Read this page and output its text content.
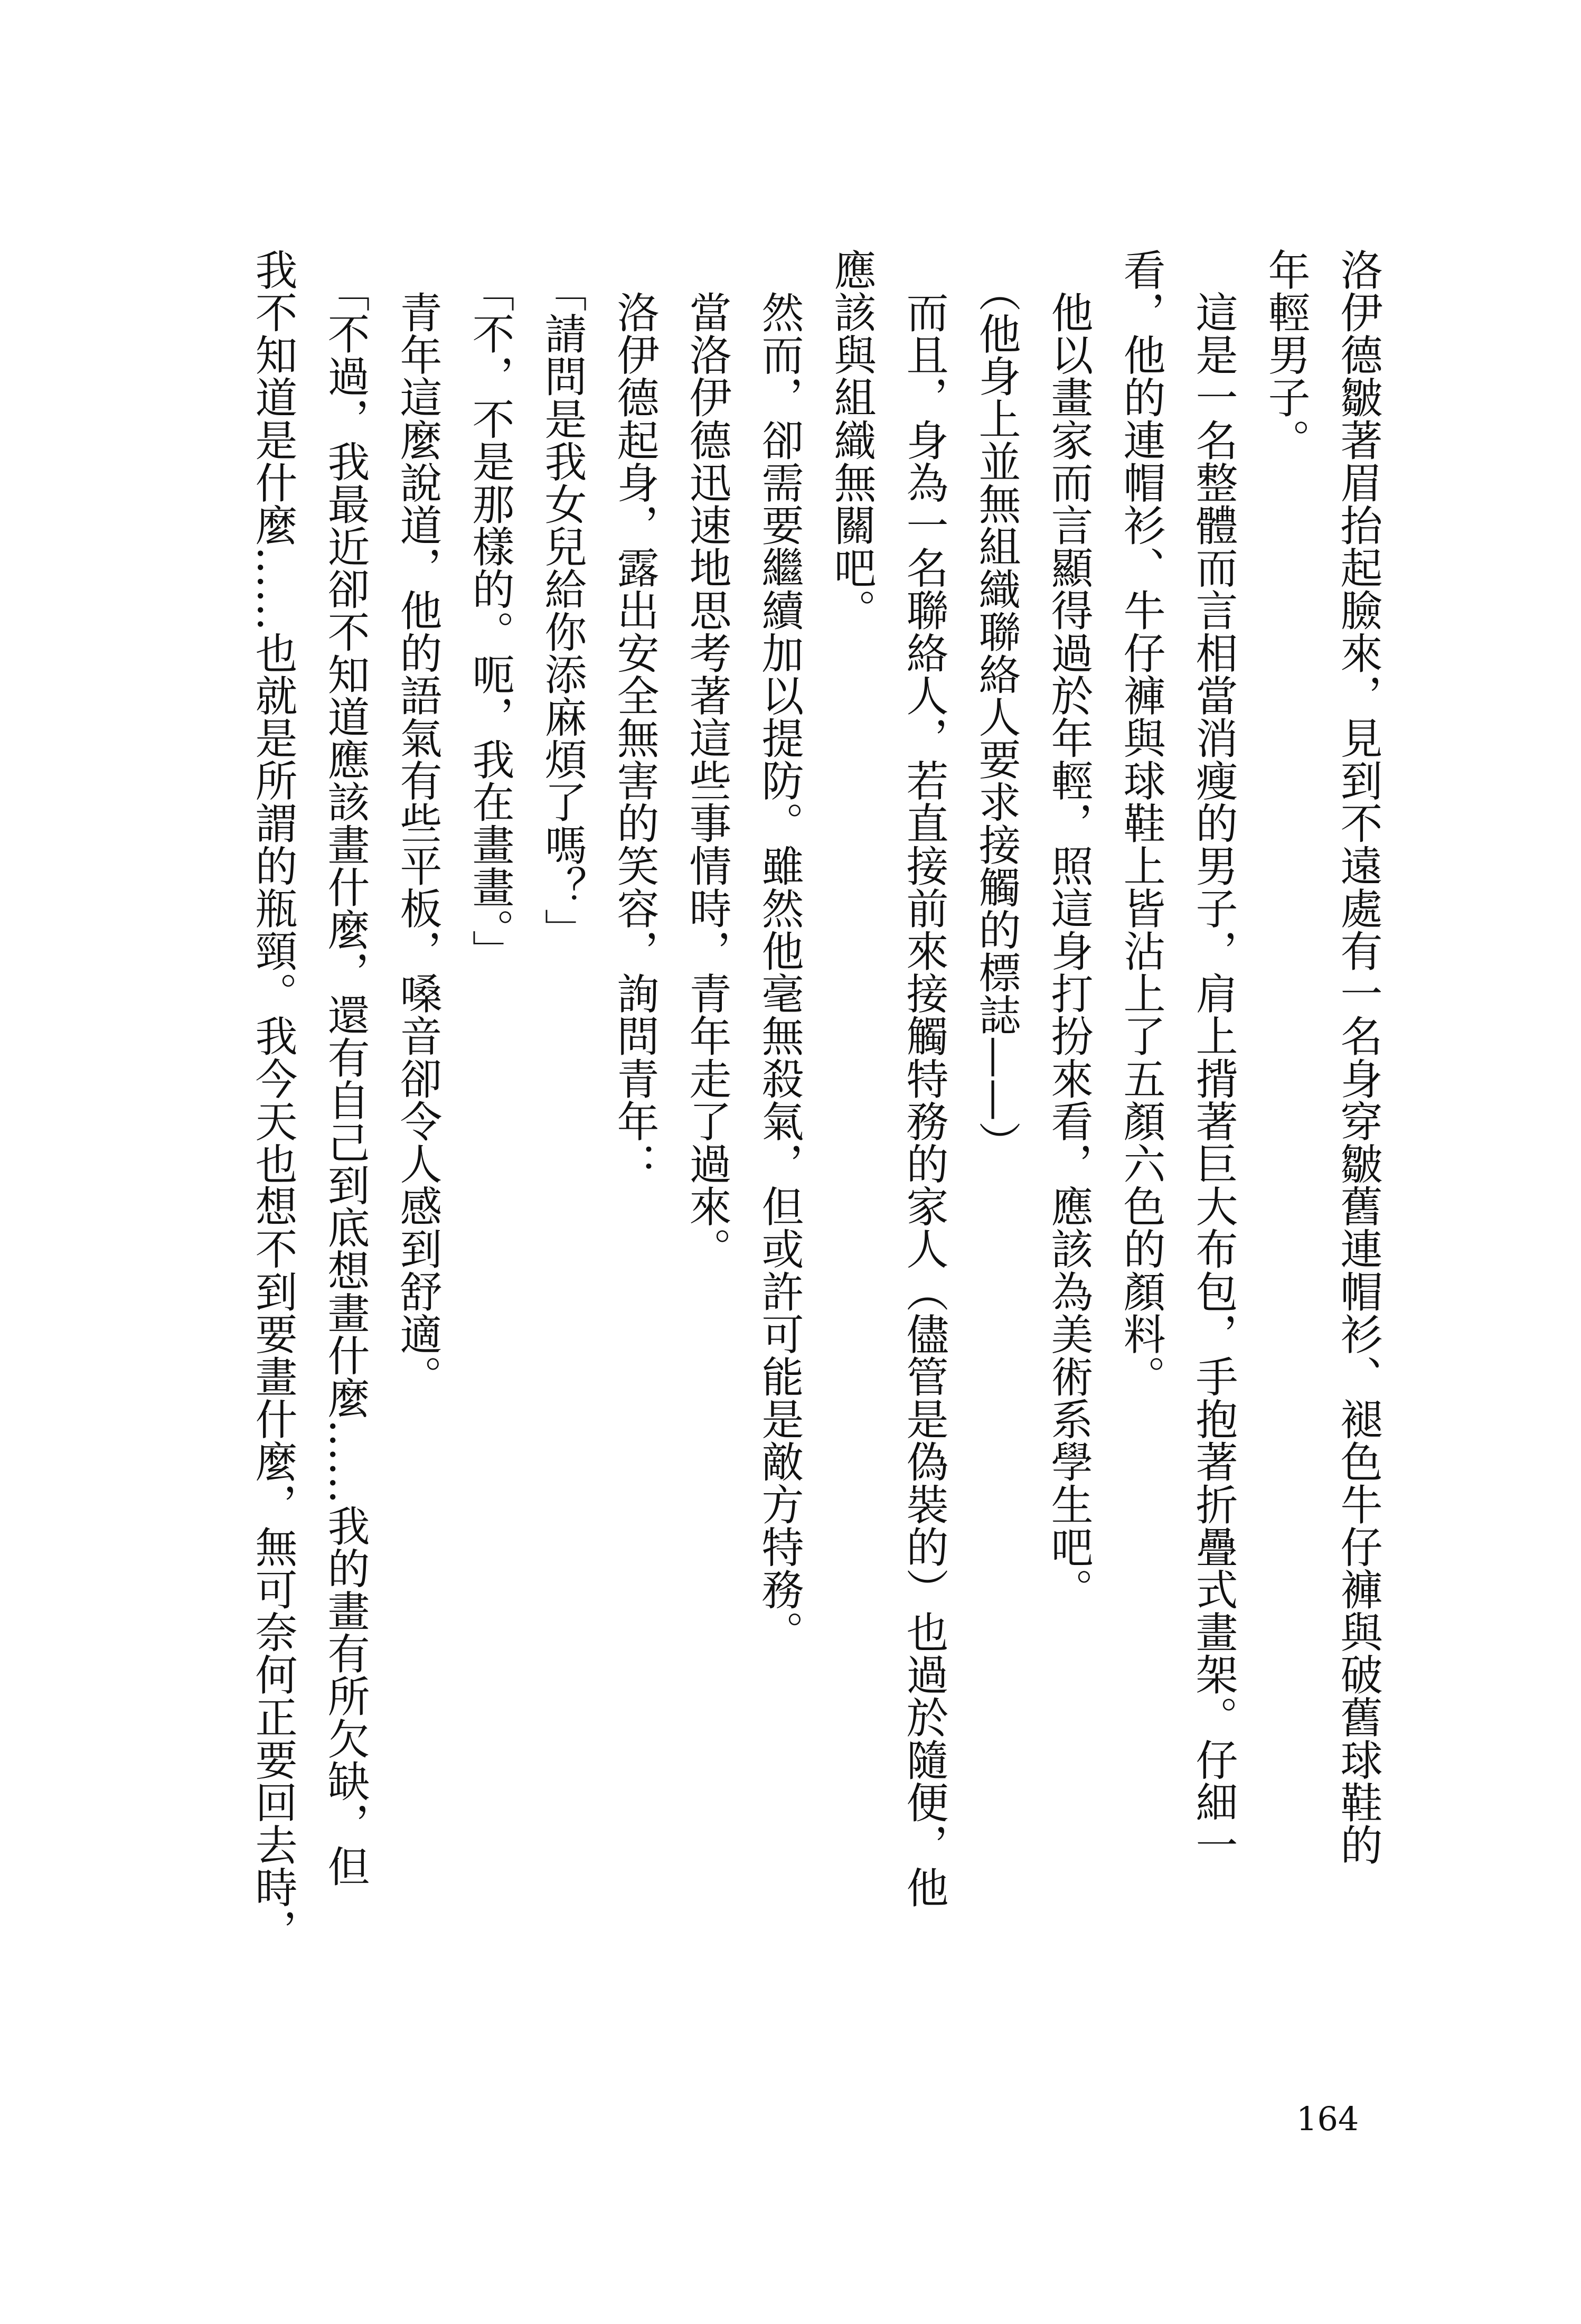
洛伊德皺著眉抬起臉來，見到不遠處有一名身穿皺舊連帽衫、褪色牛仔褲與破舊球鞋的
年輕男子。
　這是一名整體而言相當消瘦的男子，肩上揹著巨大布包，手抱著折疊式畫架。仔細一
看，他的連帽衫、牛仔褲與球鞋上皆沾上了五顏六色的顏料。
　他以畫家而言顯得過於年輕，照這身打扮來看，應該為美術系學生吧。
　（他身上並無組織聯絡人要求接觸的標誌——）
　而且，身為一名聯絡人，若直接前來接觸特務的家人（儘管是偽裝的）也過於隨便，他
應該與組織無關吧。
　然而，卻需要繼續加以提防。雖然他毫無殺氣，但或許可能是敵方特務。
　當洛伊德迅速地思考著這些事情時，青年走了過來。
　洛伊德起身，露出安全無害的笑容，詢問青年：
　「請問是我女兒給你添麻煩了嗎？」
　「不，不是那樣的。呃，我在畫畫。」
　青年這麼說道，他的語氣有些平板，嗓音卻令人感到舒適。
　「不過，我最近卻不知道應該畫什麼，還有自己到底想畫什麼……我的畫有所欠缺，但
我不知道是什麼……也就是所謂的瓶頸。我今天也想不到要畫什麼，無可奈何正要回去時，
164
